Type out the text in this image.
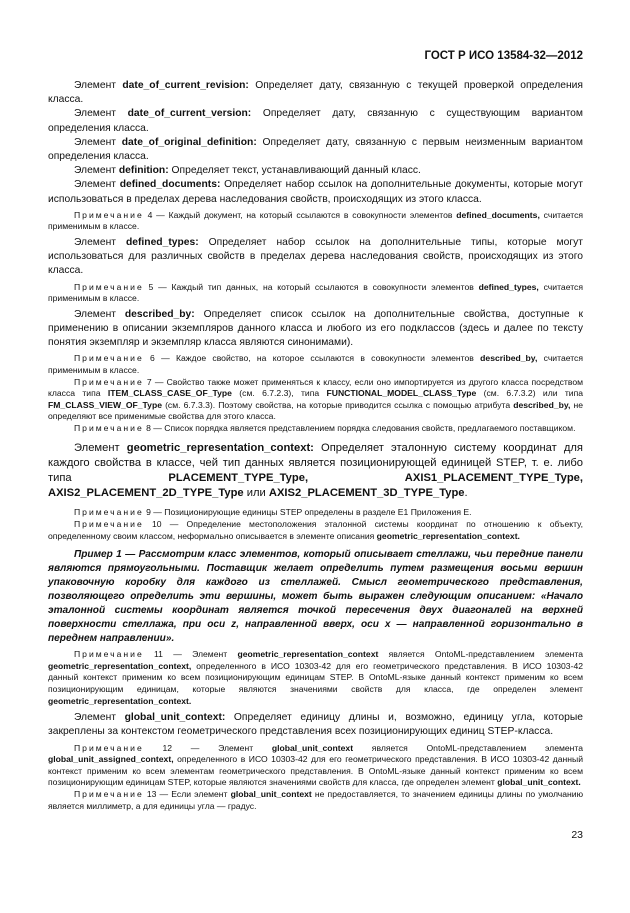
ГОСТ Р ИСО 13584-32—2012

Элемент date_of_current_revision: Определяет дату, связанную с текущей проверкой определения класса.

Элемент date_of_current_version: Определяет дату, связанную с существующим вариантом определения класса.

Элемент date_of_original_definition: Определяет дату, связанную с первым неизменным вариантом определения класса.

Элемент definition: Определяет текст, устанавливающий данный класс.

Элемент defined_documents: Определяет набор ссылок на дополнительные документы, которые могут использоваться в пределах дерева наследования свойств, происходящих из этого класса.

Примечание 4 — Каждый документ, на который ссылаются в совокупности элементов defined_documents, считается применимым в классе.

Элемент defined_types: Определяет набор ссылок на дополнительные типы, которые могут использоваться для различных свойств в пределах дерева наследования свойств, происходящих из этого класса.

Примечание 5 — Каждый тип данных, на который ссылаются в совокупности элементов defined_types, считается применимым в классе.

Элемент described_by: Определяет список ссылок на дополнительные свойства, доступные к применению в описании экземпляров данного класса и любого из его подклассов (здесь и далее по тексту понятия экземпляр и экземпляр класса являются синонимами).

Примечание 6 — Каждое свойство, на которое ссылаются в совокупности элементов described_by, считается применимым в классе.

Примечание 7 — Свойство также может применяться к классу, если оно импортируется из другого класса посредством класса типа ITEM_CLASS_CASE_OF_Type (см. 6.7.2.3), типа FUNCTIONAL_MODEL_CLASS_Type (см. 6.7.3.2) или типа FM_CLASS_VIEW_OF_Type (см. 6.7.3.3). Поэтому свойства, на которые приводится ссылка с помощью атрибута described_by, не определяют все применимые свойства для этого класса.

Примечание 8 — Список порядка является представлением порядка следования свойств, предлагаемого поставщиком.

Элемент geometric_representation_context: Определяет эталонную систему координат для каждого свойства в классе, чей тип данных является позиционирующей единицей STEP, т. е. либо типа	PLACEMENT_TYPE_Type,	AXIS1_PLACEMENT_TYPE_Type, AXIS2_PLACEMENT_2D_TYPE_Type или AXIS2_PLACEMENT_3D_TYPE_Type.

Примечание 9 — Позиционирующие единицы STEP определены в разделе Е1 Приложения Е.

Примечание 10 — Определение местоположения эталонной системы координат по отношению к объекту, определенному своим классом, неформально описывается в элементе описания geometric_representation_context.

Пример 1 — Рассмотрим класс элементов, который описывает стеллажи, чьи передние панели являются прямоугольными. Поставщик желает определить путем размещения восьми вершин упаковочную коробку для каждого из стеллажей. Смысл геометрического представления, позволяющего определить эти вершины, может быть выражен следующим описанием: «Начало эталонной системы координат является точкой пересечения двух диагоналей на верхней поверхности стеллажа, при оси z, направленной вверх, оси x — направленной горизонтально в переднем направлении».

Примечание 11 — Элемент geometric_representation_context является OntoML-представлением элемента geometric_representation_context, определенного в ИСО 10303-42 для его геометрического представления. В ИСО 10303-42 данный контекст применим ко всем позиционирующим единицам STEP. В OntoML-языке данный контекст применим ко всем позиционирующим единицам, которые являются значениями свойств для класса, где определен элемент geometric_representation_context.

Элемент global_unit_context: Определяет единицу длины и, возможно, единицу угла, которые закреплены за контекстом геометрического представления всех позиционирующих единиц STEP-класса.

Примечание 12 — Элемент global_unit_context является OntoML-представлением элемента global_unit_assigned_context, определенного в ИСО 10303-42 для его геометрического представления. В ИСО 10303-42 данный контекст применим ко всем элементам геометрического представления. В OntoML-языке данный контекст применим ко всем позиционирующим единицам STEP, которые являются значениями свойств для класса, где определен элемент global_unit_context.

Примечание 13 — Если элемент global_unit_context не предоставляется, то значением единицы длины по умолчанию является миллиметр, а для единицы угла — градус.

23
